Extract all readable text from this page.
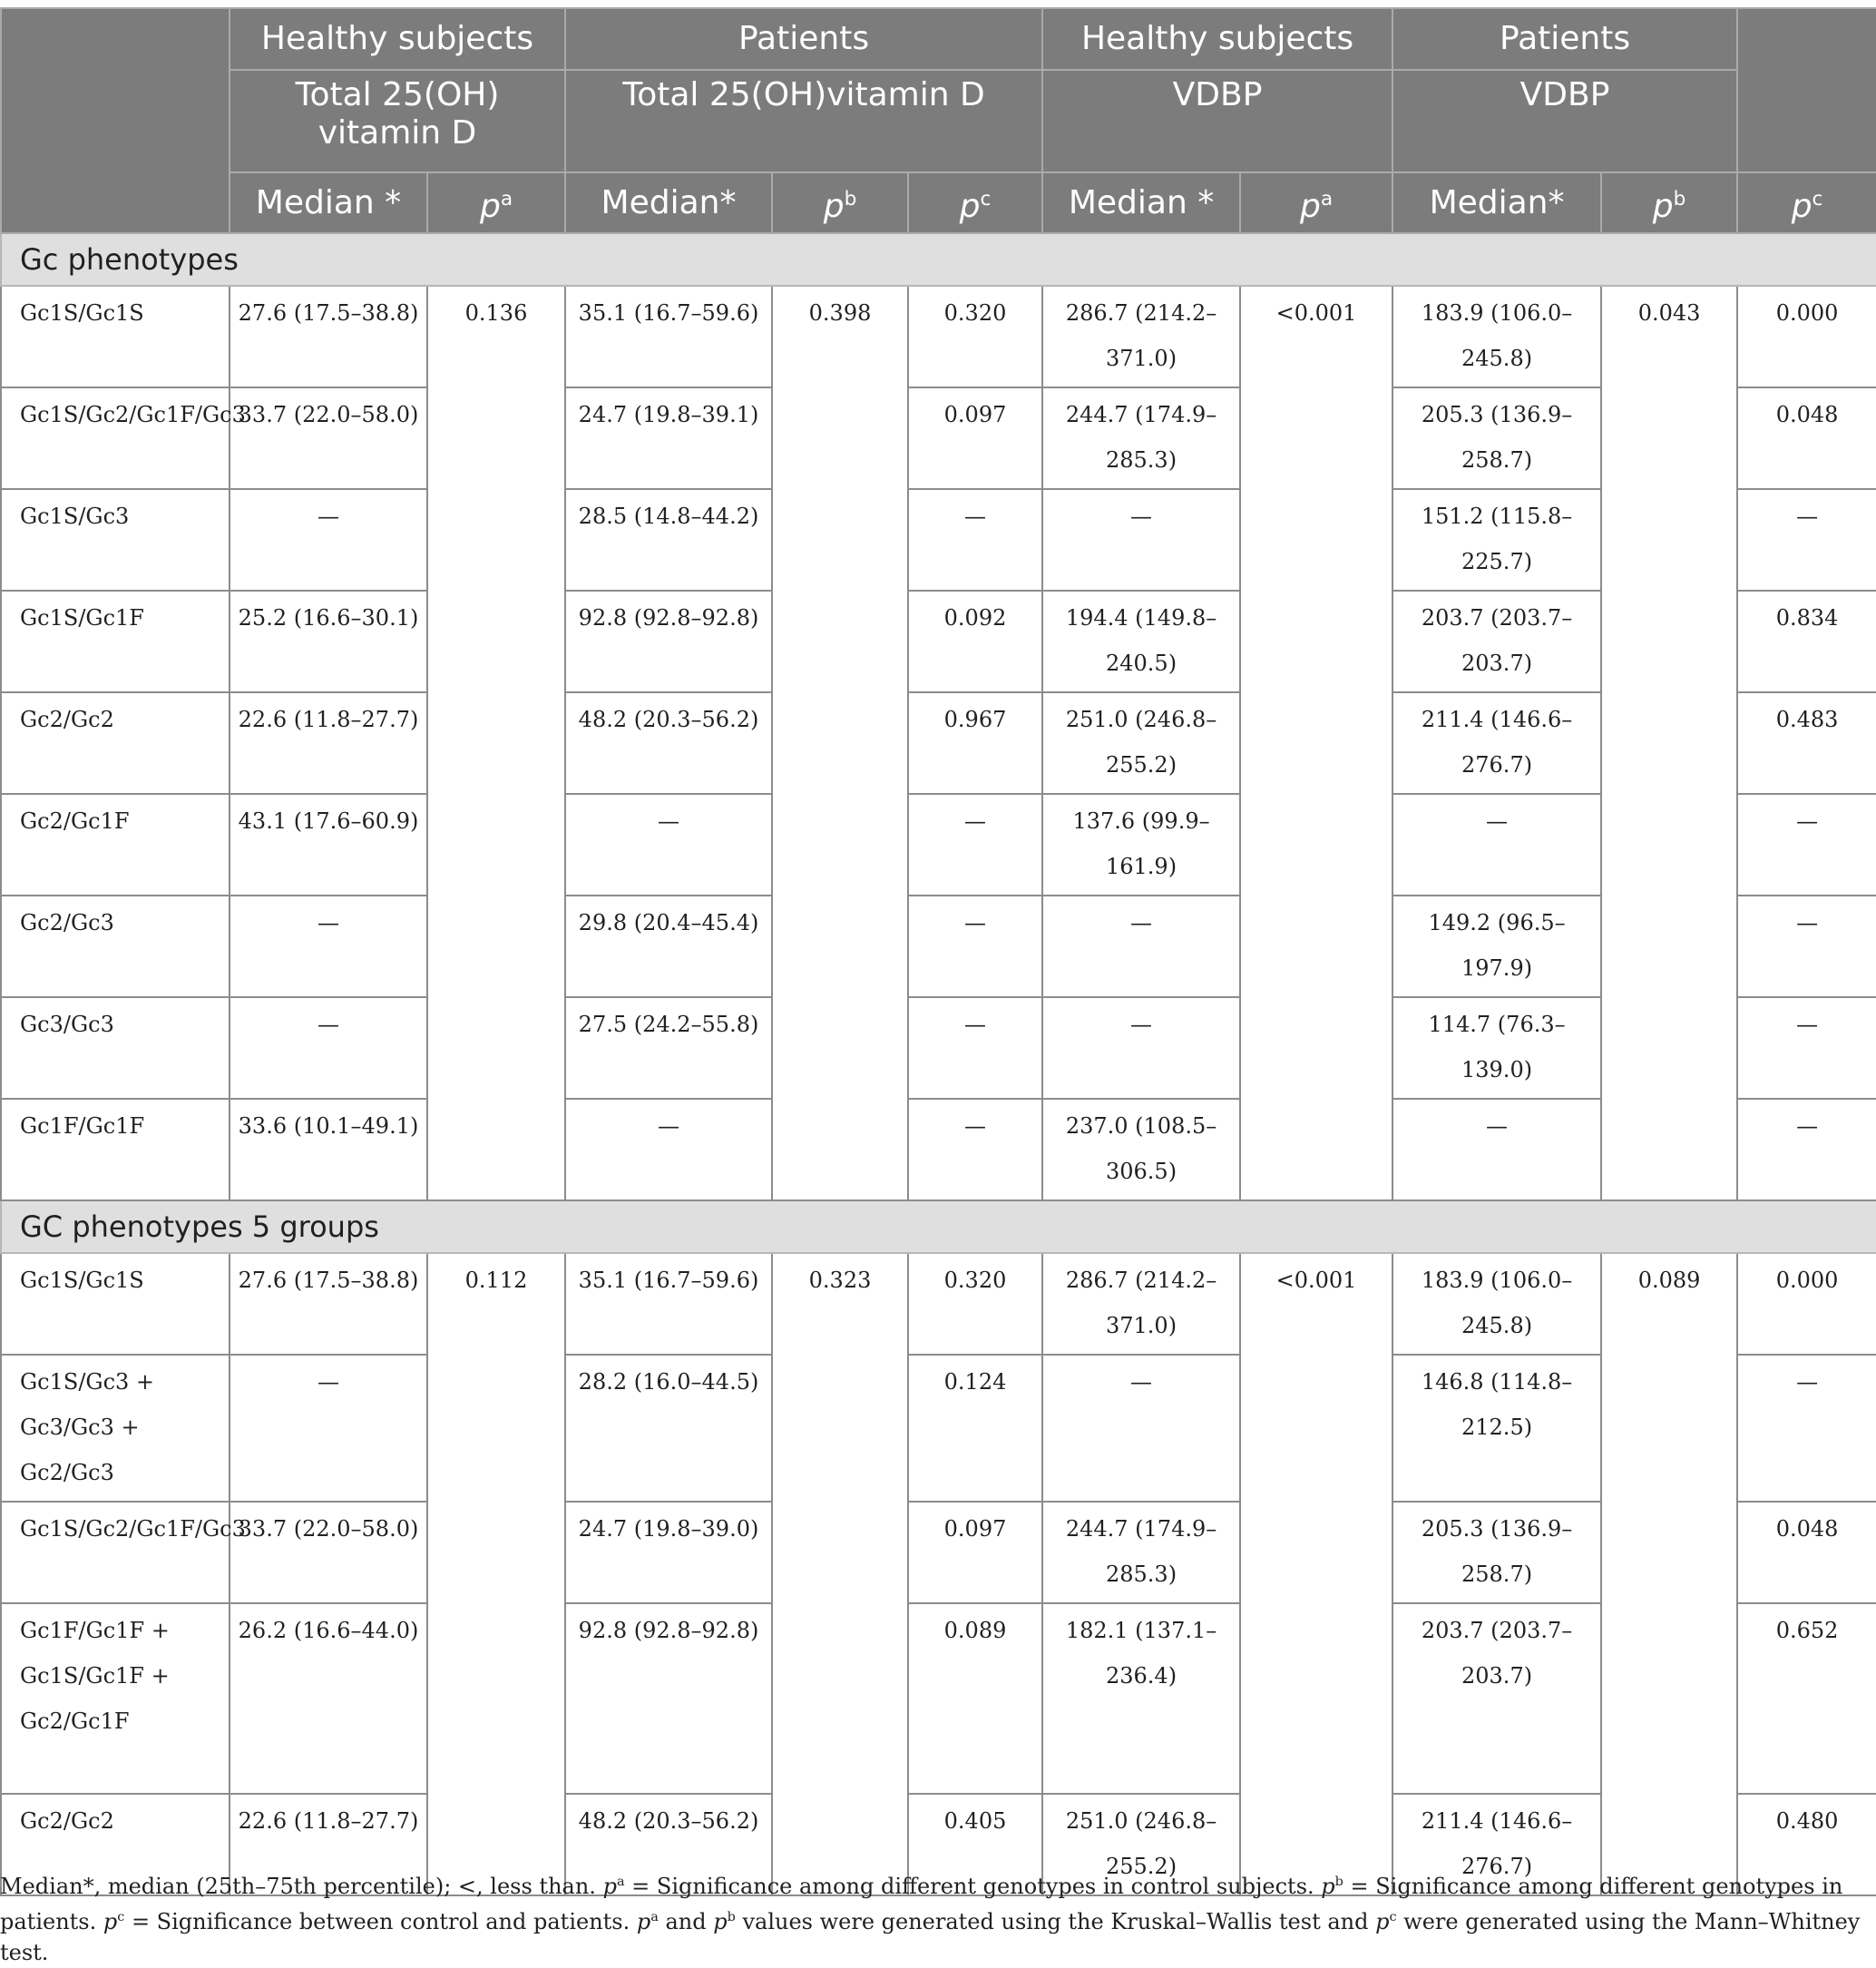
	Healthy subjects		Patients			Healthy subjects		Patients		
	Total 25(OH) vitamin D		Total 25(OH)vitamin D			VDBP		VDBP		
	Median *	$p^a$	Median*	$p^b$	$p^c$	Median *	$p^a$	Median*	$p^b$	$p^c$
Gc phenotypes										
Gc1S/Gc1S	27.6 (17.5–38.8)	0.136	35.1 (16.7–59.6)	0.398	0.320	286.7 (214.2–371.0)	<0.001	183.9 (106.0–245.8)	0.043	0.000
Gc1S/Gc2/Gc1F/Gc3	33.7 (22.0–58.0)		24.7 (19.8–39.1)		0.097	244.7 (174.9–285.3)		205.3 (136.9–258.7)		0.048
Gc1S/Gc3	—		28.5 (14.8–44.2)		—	—		151.2 (115.8–225.7)		—
Gc1S/Gc1F	25.2 (16.6–30.1)		92.8 (92.8–92.8)		0.092	194.4 (149.8–240.5)		203.7 (203.7–203.7)		0.834
Gc2/Gc2	22.6 (11.8–27.7)		48.2 (20.3–56.2)		0.967	251.0 (246.8–255.2)		211.4 (146.6–276.7)		0.483
Gc2/Gc1F	43.1 (17.6–60.9)		—		—	137.6 (99.9–161.9)		—		—
Gc2/Gc3	—		29.8 (20.4–45.4)		—	—		149.2 (96.5–197.9)		—
Gc3/Gc3	—		27.5 (24.2–55.8)		—	—		114.7 (76.3–139.0)		—
Gc1F/Gc1F	33.6 (10.1–49.1)		—		—	237.0 (108.5–306.5)		—		—
GC phenotypes 5 groups										
Gc1S/Gc1S	27.6 (17.5–38.8)	0.112	35.1 (16.7–59.6)	0.323	0.320	286.7 (214.2–371.0)	<0.001	183.9 (106.0–245.8)	0.089	0.000
Gc1S/Gc3 + Gc3/Gc3 + Gc2/Gc3	—		28.2 (16.0–44.5)		0.124	—		146.8 (114.8–212.5)		—
Gc1S/Gc2/Gc1F/Gc3	33.7 (22.0–58.0)		24.7 (19.8–39.0)		0.097	244.7 (174.9–285.3)		205.3 (136.9–258.7)		0.048
Gc1F/Gc1F + Gc1S/Gc1F + Gc2/Gc1F	26.2 (16.6–44.0)		92.8 (92.8–92.8)		0.089	182.1 (137.1–236.4)		203.7 (203.7–203.7)		0.652
Gc2/Gc2	22.6 (11.8–27.7)		48.2 (20.3–56.2)		0.405	251.0 (246.8–255.2)		211.4 (146.6–276.7)		0.480
Median*, median (25th–75th percentile); <, less than. $p^a$ = Significance among different genotypes in control subjects. $p^b$ = Significance among different genotypes in patients. $p^c$ = Significance between control and patients. $p^a$ and $p^b$ values were generated using the Kruskal–Wallis test and $p^c$ were generated using the Mann–Whitney test.
